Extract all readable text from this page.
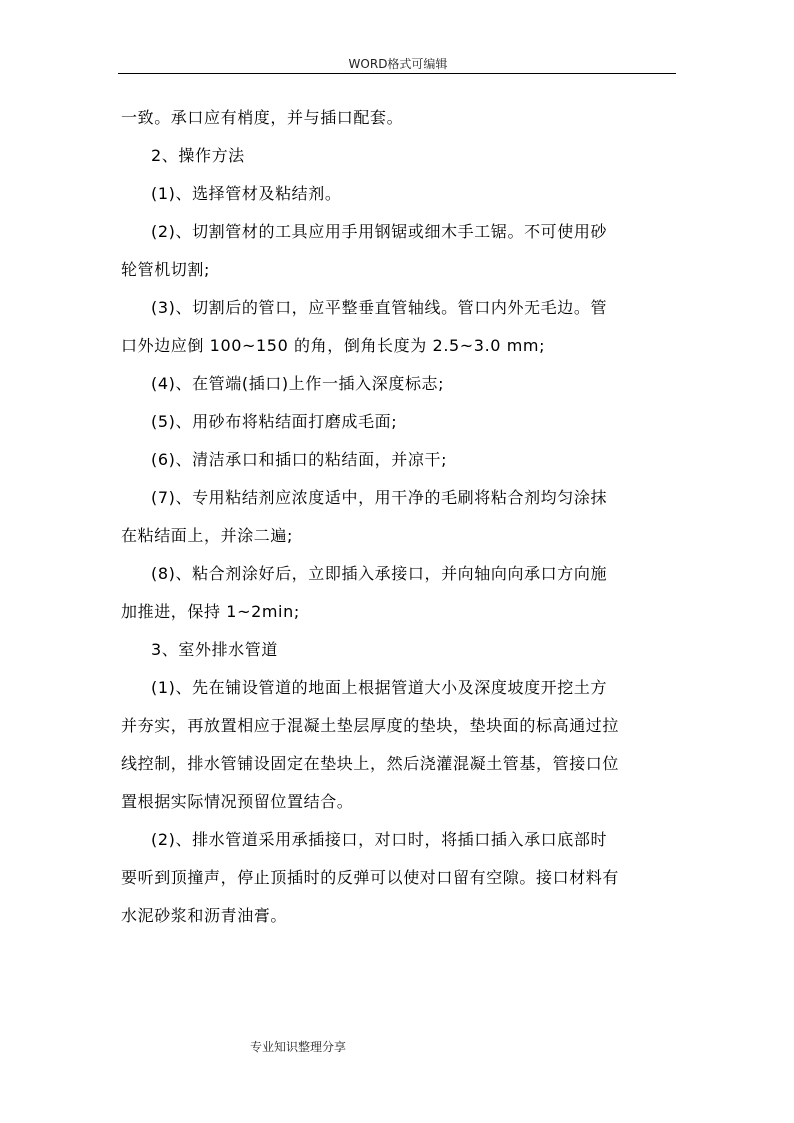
WORD格式可编辑
一致。承口应有梢度，并与插口配套。
2、操作方法
(1)、选择管材及粘结剂。
(2)、切割管材的工具应用手用钢锯或细木手工锯。不可使用砂
轮管机切割;
(3)、切割后的管口，应平整垂直管轴线。管口内外无毛边。管
口外边应倒 100~150 的角，倒角长度为 2.5~3.0 mm;
(4)、在管端(插口)上作一插入深度标志;
(5)、用砂布将粘结面打磨成毛面;
(6)、清洁承口和插口的粘结面，并凉干;
(7)、专用粘结剂应浓度适中，用干净的毛刷将粘合剂均匀涂抹
在粘结面上，并涂二遍;
(8)、粘合剂涂好后，立即插入承接口，并向轴向向承口方向施
加推进，保持 1~2min;
3、室外排水管道
(1)、先在铺设管道的地面上根据管道大小及深度坡度开挖土方
并夯实，再放置相应于混凝土垫层厚度的垫块，垫块面的标高通过拉
线控制，排水管铺设固定在垫块上，然后浇灌混凝土管基，管接口位
置根据实际情况预留位置结合。
(2)、排水管道采用承插接口，对口时，将插口插入承口底部时
要听到顶撞声，停止顶插时的反弹可以使对口留有空隙。接口材料有
水泥砂浆和沥青油膏。
专业知识整理分享
